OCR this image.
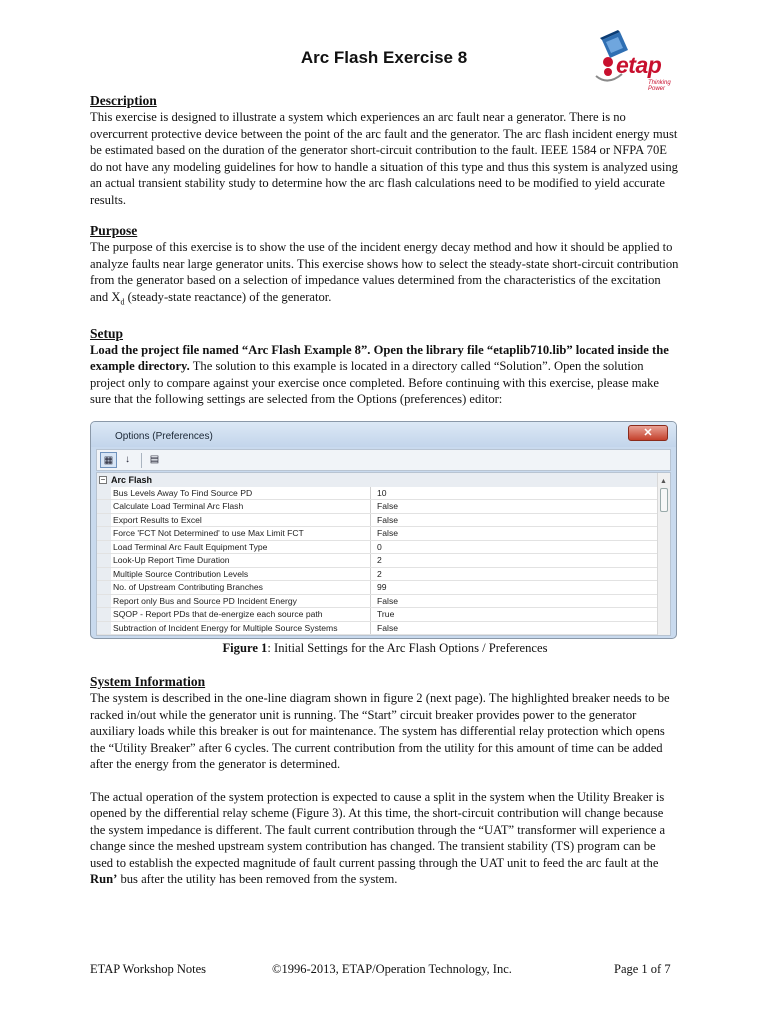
Arc Flash Exercise 8	etap
Thinking Power
Description
This exercise is designed to illustrate a system which experiences an arc fault near a generator. There is no overcurrent protective device between the point of the arc fault and the generator. The arc flash incident energy must be estimated based on the duration of the generator short-circuit contribution to the fault. IEEE 1584 or NFPA 70E do not have any modeling guidelines for how to handle a situation of this type and thus this system is analyzed using an actual transient stability study to determine how the arc flash calculations need to be modified to yield accurate results.
Purpose
The purpose of this exercise is to show the use of the incident energy decay method and how it should be applied to analyze faults near large generator units. This exercise shows how to select the steady-state short-circuit contribution from the generator based on a selection of impedance values determined from the characteristics of the excitation and $X_d$ (steady-state reactance) of the generator.
Setup
Load the project file named “Arc Flash Example 8”. Open the library file “etaplib710.lib” located inside the example directory. The solution to this example is located in a directory called “Solution”. Open the solution project only to compare against your exercise once completed. Before continuing with this exercise, please make sure that the following settings are selected from the Options (preferences) editor:
Options (Preferences)	✕
▦	↓	▤
− Arc Flash
Bus Levels Away To Find Source PD	10
Calculate Load Terminal Arc Flash	False
Export Results to Excel	False
Force 'FCT Not Determined' to use Max Limit FCT	False
Load Terminal Arc Fault Equipment Type	0
Look-Up Report Time Duration	2
Multiple Source Contribution Levels	2
No. of Upstream Contributing Branches	99
Report only Bus and Source PD Incident Energy	False
SQOP - Report PDs that de-energize each source path	True
Subtraction of Incident Energy for Multiple Source Systems	False
▲
Figure 1: Initial Settings for the Arc Flash Options / Preferences
System Information
The system is described in the one-line diagram shown in figure 2 (next page). The highlighted breaker needs to be racked in/out while the generator unit is running. The “Start” circuit breaker provides power to the generator auxiliary loads while this breaker is out for maintenance. The system has differential relay protection which opens the “Utility Breaker” after 6 cycles. The current contribution from the utility for this amount of time can be added after the energy from the generator is determined.
The actual operation of the system protection is expected to cause a split in the system when the Utility Breaker is opened by the differential relay scheme (Figure 3). At this time, the short-circuit contribution will change because the system impedance is different. The fault current contribution through the “UAT” transformer will experience a change since the meshed upstream system contribution has changed. The transient stability (TS) program can be used to establish the expected magnitude of fault current passing through the UAT unit to feed the arc fault at the Run’ bus after the utility has been removed from the system.
ETAP Workshop Notes	©1996-2013, ETAP/Operation Technology, Inc.	Page 1 of 7
